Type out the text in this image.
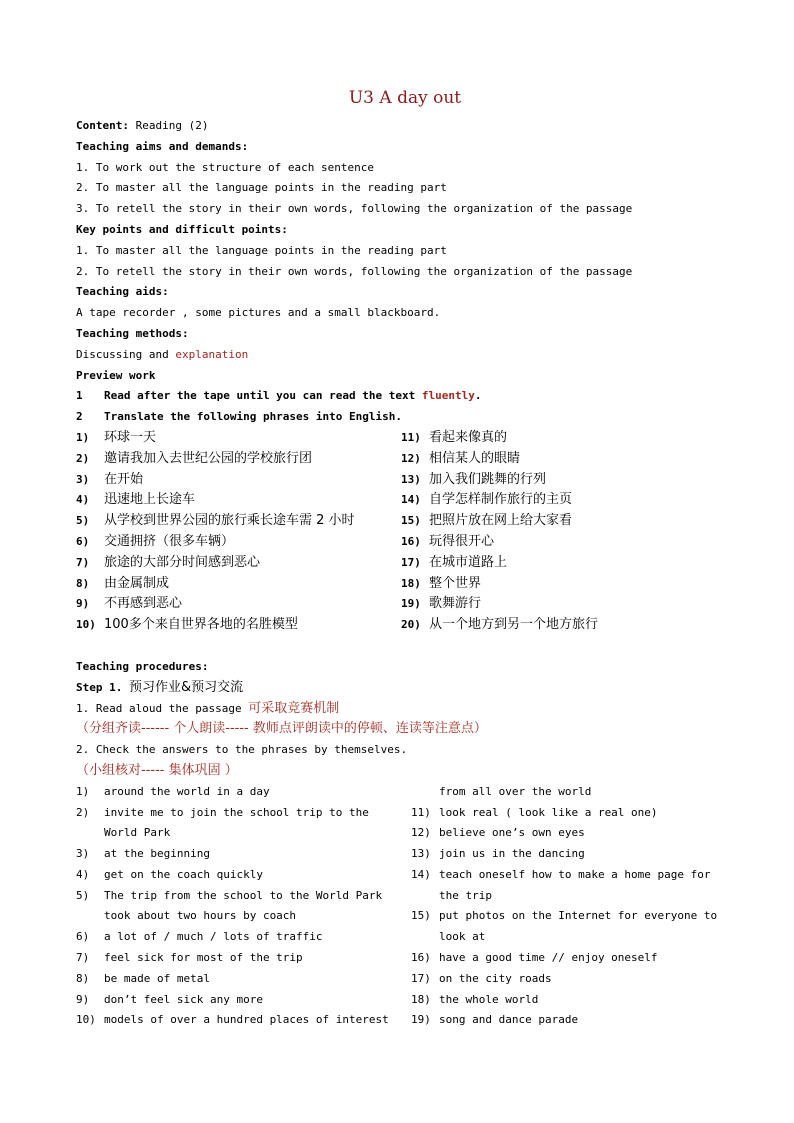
U3 A day out
Content: Reading (2)
Teaching aims and demands:
1. To work out the structure of each sentence
2. To master all the language points in the reading part
3. To retell the story in their own words, following the organization of the passage
Key points and difficult points:
1. To master all the language points in the reading part
2. To retell the story in their own words, following the organization of the passage
Teaching aids:
A tape recorder , some pictures and a small blackboard.
Teaching methods:
Discussing and explanation
Preview work
1 Read after the tape until you can read the text fluently.
2 Translate the following phrases into English.
1) 环球一天
2) 邀请我加入去世纪公园的学校旅行团
3) 在开始
4) 迅速地上长途车
5) 从学校到世界公园的旅行乘长途车需 2 小时
6) 交通拥挤（很多车辆）
7) 旅途的大部分时间感到恶心
8) 由金属制成
9) 不再感到恶心
10) 100多个来自世界各地的名胜模型
11) 看起来像真的
12) 相信某人的眼睛
13) 加入我们跳舞的行列
14) 自学怎样制作旅行的主页
15) 把照片放在网上给大家看
16) 玩得很开心
17) 在城市道路上
18) 整个世界
19) 歌舞游行
20) 从一个地方到另一个地方旅行
Teaching procedures:
Step 1. 预习作业&预习交流
1. Read aloud the passage 可采取竞赛机制
（分组齐读------ 个人朗读----- 教师点评朗读中的停顿、连读等注意点）
2. Check the answers to the phrases by themselves.
（小组核对----- 集体巩固 ）
1) around the world in a day
2) invite me to join the school trip to the World Park
3) at the beginning
4) get on the coach quickly
5) The trip from the school to the World Park took about two hours by coach
6) a lot of / much / lots of traffic
7) feel sick for most of the trip
8) be made of metal
9) don’t feel sick any more
10) models of over a hundred places of interest
from all over the world
11) look real ( look like a real one)
12) believe one’s own eyes
13) join us in the dancing
14) teach oneself how to make a home page for the trip
15) put photos on the Internet for everyone to look at
16) have a good time // enjoy oneself
17) on the city roads
18) the whole world
19) song and dance parade
